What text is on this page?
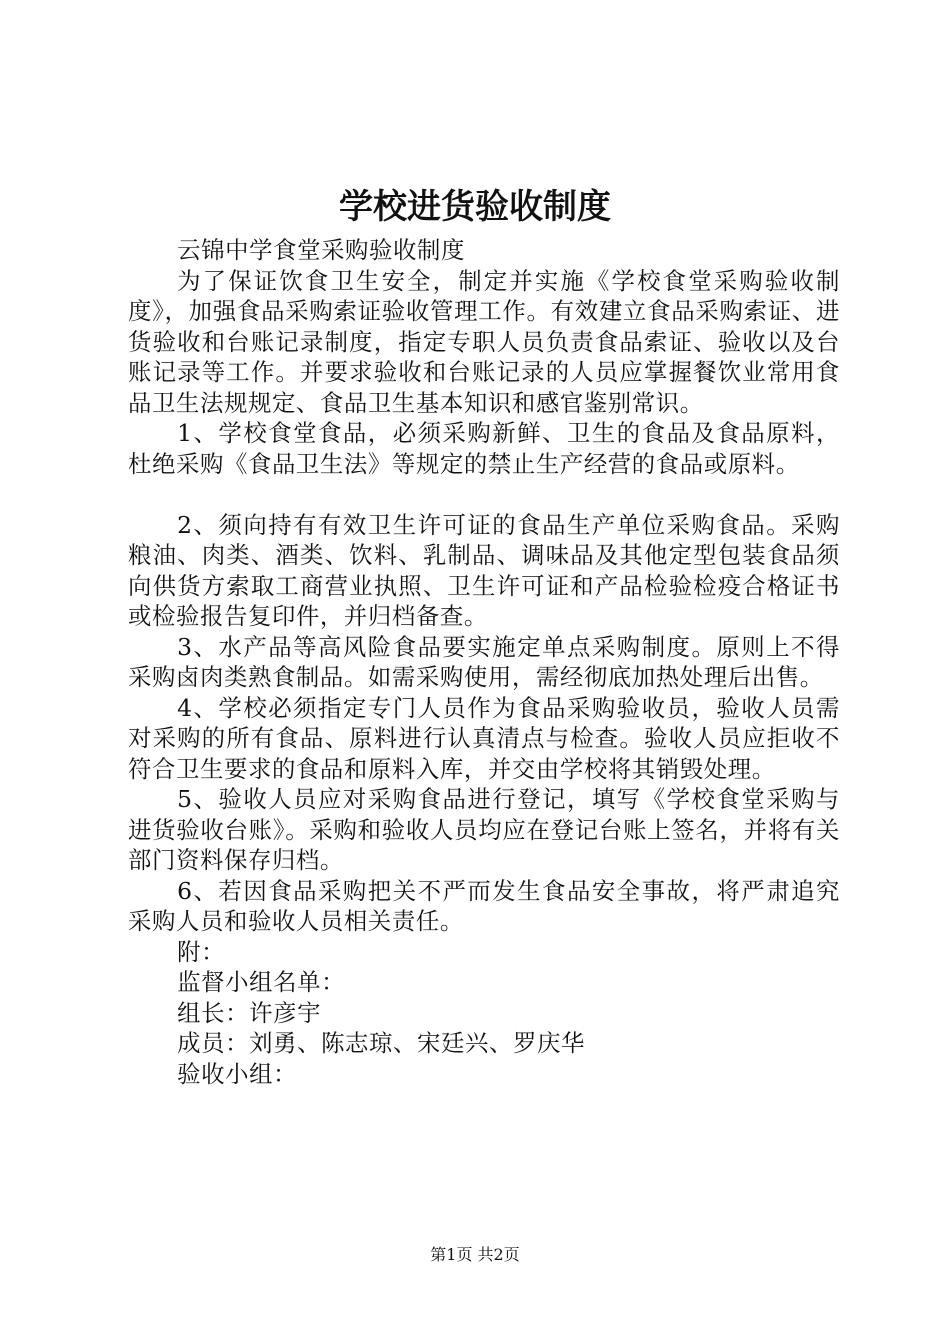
学校进货验收制度

云锦中学食堂采购验收制度

为了保证饮食卫生安全，制定并实施《学校食堂采购验收制度》，加强食品采购索证验收管理工作。有效建立食品采购索证、进货验收和台账记录制度，指定专职人员负责食品索证、验收以及台账记录等工作。并要求验收和台账记录的人员应掌握餐饮业常用食品卫生法规规定、食品卫生基本知识和感官鉴别常识。

1、学校食堂食品，必须采购新鲜、卫生的食品及食品原料，杜绝采购《食品卫生法》等规定的禁止生产经营的食品或原料。

2、须向持有有效卫生许可证的食品生产单位采购食品。采购粮油、肉类、酒类、饮料、乳制品、调味品及其他定型包装食品须向供货方索取工商营业执照、卫生许可证和产品检验检疫合格证书或检验报告复印件，并归档备查。

3、水产品等高风险食品要实施定单点采购制度。原则上不得采购卤肉类熟食制品。如需采购使用，需经彻底加热处理后出售。

4、学校必须指定专门人员作为食品采购验收员，验收人员需对采购的所有食品、原料进行认真清点与检查。验收人员应拒收不符合卫生要求的食品和原料入库，并交由学校将其销毁处理。

5、验收人员应对采购食品进行登记，填写《学校食堂采购与进货验收台账》。采购和验收人员均应在登记台账上签名，并将有关部门资料保存归档。

6、若因食品采购把关不严而发生食品安全事故，将严肃追究采购人员和验收人员相关责任。

附：

监督小组名单：

组长：许彦宇

成员：刘勇、陈志琼、宋廷兴、罗庆华

验收小组：

第1页 共2页
